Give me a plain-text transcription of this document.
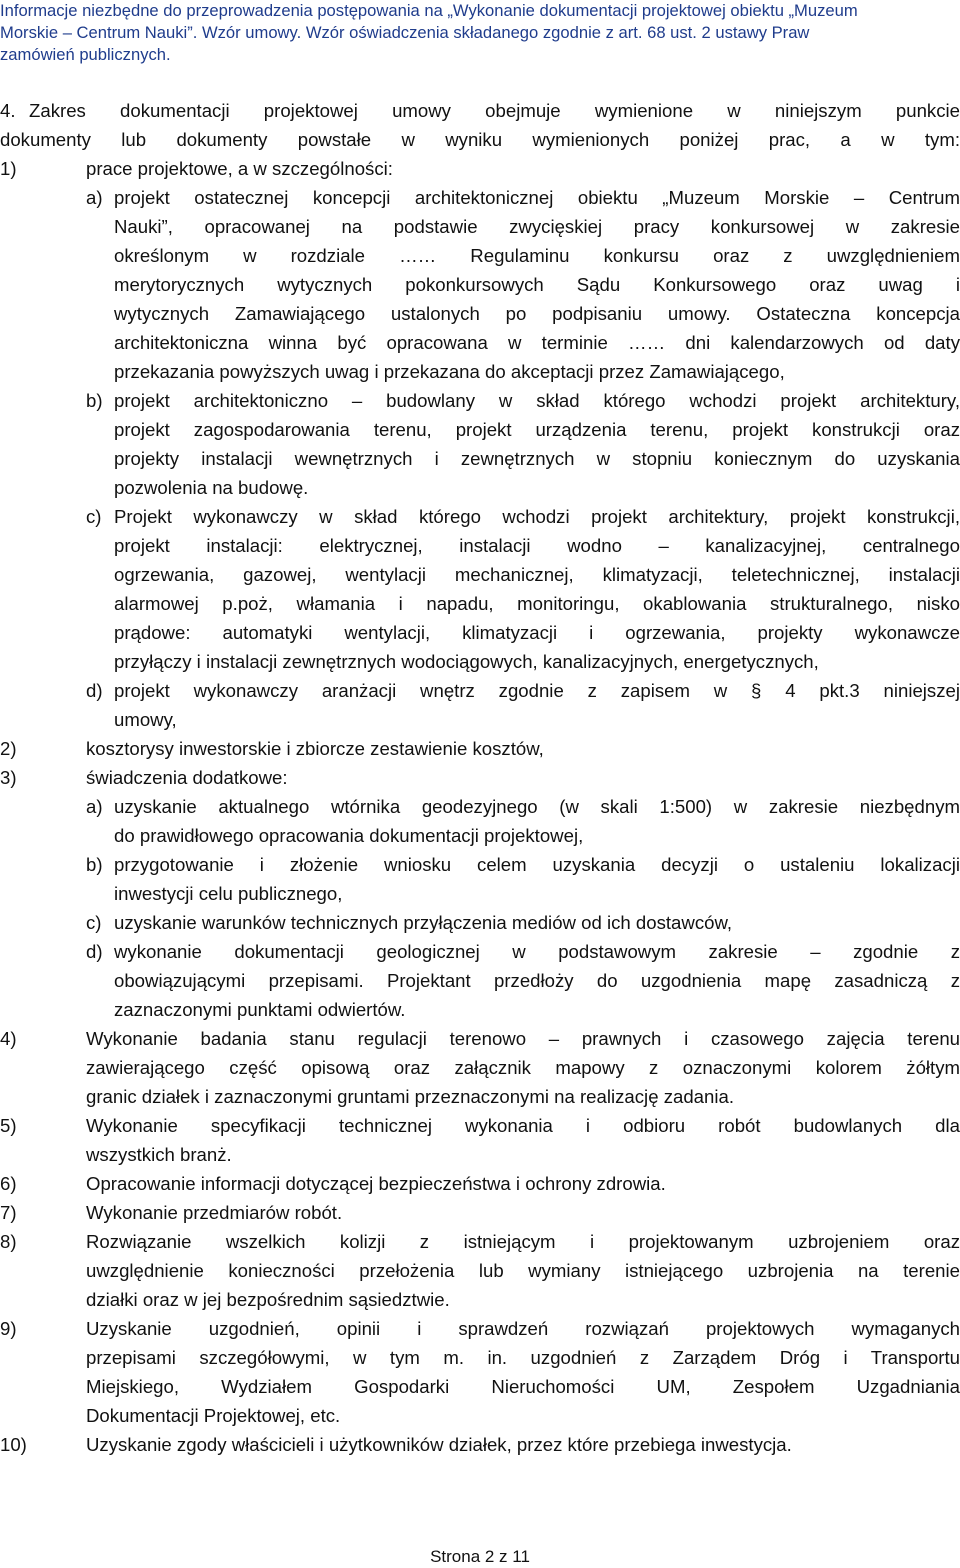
Informacje niezbędne do przeprowadzenia postępowania na „Wykonanie dokumentacji projektowej obiektu „Muzeum
Morskie – Centrum Nauki”. Wzór umowy. Wzór oświadczenia składanego zgodnie z art. 68 ust. 2 ustawy Praw
zamówień publicznych.
4. Zakres dokumentacji projektowej umowy obejmuje wymienione w niniejszym punkcie
dokumenty lub dokumenty powstałe w wyniku wymienionych poniżej prac, a w tym:
1)	prace projektowe, a w szczególności:
a) projekt ostatecznej koncepcji architektonicznej obiektu „Muzeum Morskie – Centrum
Nauki”, opracowanej na podstawie zwycięskiej pracy konkursowej w zakresie
określonym w rozdziale …… Regulaminu konkursu oraz z uwzględnieniem
merytorycznych wytycznych pokonkursowych Sądu Konkursowego oraz uwag i
wytycznych Zamawiającego ustalonych po podpisaniu umowy. Ostateczna koncepcja
architektoniczna winna być opracowana w terminie …… dni kalendarzowych od daty
przekazania powyższych uwag i przekazana do akceptacji przez Zamawiającego,
b) projekt architektoniczno – budowlany w skład którego wchodzi projekt architektury,
projekt zagospodarowania terenu, projekt urządzenia terenu, projekt konstrukcji oraz
projekty instalacji wewnętrznych i zewnętrznych w stopniu koniecznym do uzyskania
pozwolenia na budowę.
c) Projekt wykonawczy w skład którego wchodzi projekt architektury, projekt konstrukcji,
projekt instalacji: elektrycznej, instalacji wodno – kanalizacyjnej, centralnego
ogrzewania, gazowej, wentylacji mechanicznej, klimatyzacji, teletechnicznej, instalacji
alarmowej p.poż, włamania i napadu, monitoringu, okablowania strukturalnego, nisko
prądowe: automatyki wentylacji, klimatyzacji i ogrzewania, projekty wykonawcze
przyłączy i instalacji zewnętrznych wodociągowych, kanalizacyjnych, energetycznych,
d) projekt wykonawczy aranżacji wnętrz zgodnie z zapisem w § 4 pkt.3 niniejszej
umowy,
2)	kosztorysy inwestorskie i zbiorcze zestawienie kosztów,
3)	świadczenia dodatkowe:
a) uzyskanie aktualnego wtórnika geodezyjnego (w skali 1:500) w zakresie niezbędnym
do prawidłowego opracowania dokumentacji projektowej,
b) przygotowanie i złożenie wniosku celem uzyskania decyzji o ustaleniu lokalizacji
inwestycji celu publicznego,
c) uzyskanie warunków technicznych przyłączenia mediów od ich dostawców,
d) wykonanie dokumentacji geologicznej w podstawowym zakresie – zgodnie z
obowiązującymi przepisami. Projektant przedłoży do uzgodnienia mapę zasadniczą z
zaznaczonymi punktami odwiertów.
4)	Wykonanie badania stanu regulacji terenowo – prawnych i czasowego zajęcia terenu
zawierającego część opisową oraz załącznik mapowy z oznaczonymi kolorem żółtym
granic działek i zaznaczonymi gruntami przeznaczonymi na realizację zadania.
5)	Wykonanie specyfikacji technicznej wykonania i odbioru robót budowlanych dla
wszystkich branż.
6)	Opracowanie informacji dotyczącej bezpieczeństwa i ochrony zdrowia.
7)	Wykonanie przedmiarów robót.
8)	Rozwiązanie wszelkich kolizji z istniejącym i projektowanym uzbrojeniem oraz
uwzględnienie konieczności przełożenia lub wymiany istniejącego uzbrojenia na terenie
działki oraz w jej bezpośrednim sąsiedztwie.
9)	Uzyskanie uzgodnień, opinii i sprawdzeń rozwiązań projektowych wymaganych
przepisami szczegółowymi, w tym m. in. uzgodnień z Zarządem Dróg i Transportu
Miejskiego, Wydziałem Gospodarki Nieruchomości UM, Zespołem Uzgadniania
Dokumentacji Projektowej, etc.
10)	Uzyskanie zgody właścicieli i użytkowników działek, przez które przebiega inwestycja.
Strona 2 z 11
